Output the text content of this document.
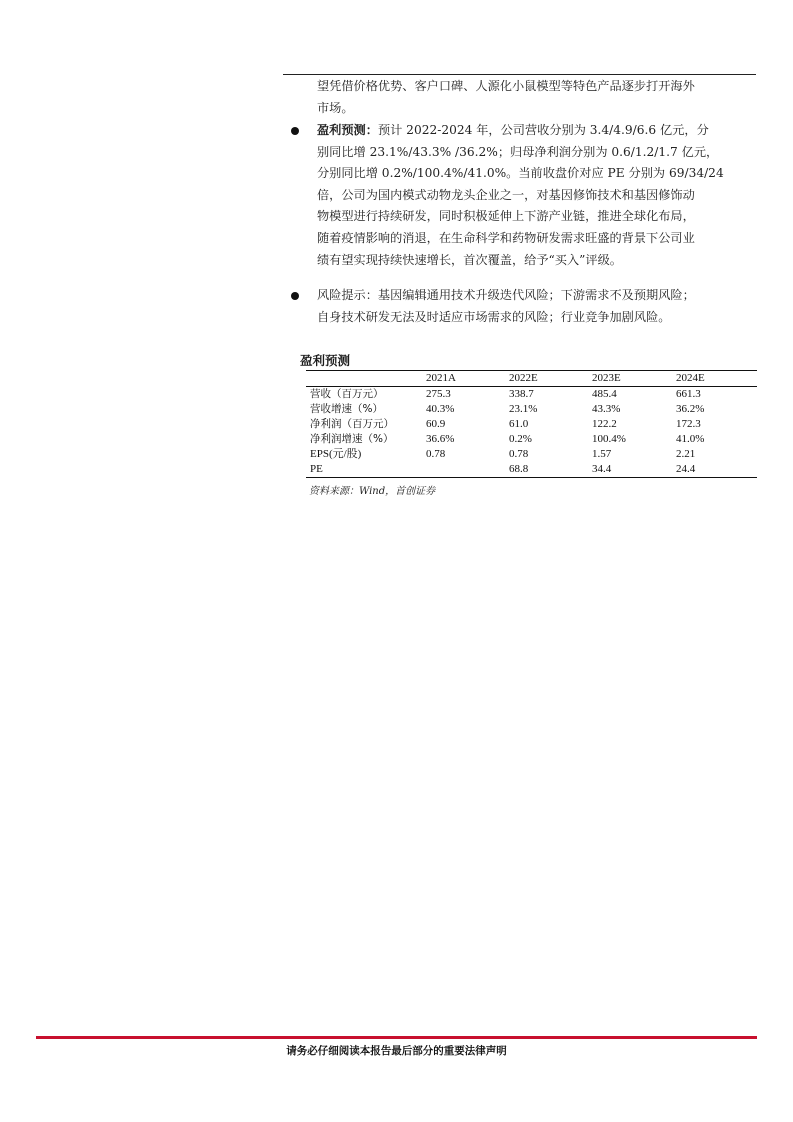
望凭借价格优势、客户口碑、人源化小鼠模型等特色产品逐步打开海外
市场。
盈利预测：预计 2022-2024 年，公司营收分别为 3.4/4.9/6.6 亿元，分
别同比增 23.1%/43.3% /36.2%；归母净利润分别为 0.6/1.2/1.7 亿元，
分别同比增 0.2%/100.4%/41.0%。当前收盘价对应 PE 分别为 69/34/24
倍，公司为国内模式动物龙头企业之一，对基因修饰技术和基因修饰动
物模型进行持续研发，同时积极延伸上下游产业链，推进全球化布局，
随着疫情影响的消退，在生命科学和药物研发需求旺盛的背景下公司业
绩有望实现持续快速增长，首次覆盖，给予“买入”评级。
风险提示：基因编辑通用技术升级迭代风险；下游需求不及预期风险；
自身技术研发无法及时适应市场需求的风险；行业竞争加剧风险。
盈利预测
	2021A	2022E	2023E	2024E
营收（百万元）	275.3	338.7	485.4	661.3
营收增速（%）	40.3%	23.1%	43.3%	36.2%
净利润（百万元）	60.9	61.0	122.2	172.3
净利润增速（%）	36.6%	0.2%	100.4%	41.0%
EPS(元/股)	0.78	0.78	1.57	2.21
PE		68.8	34.4	24.4
资料来源：Wind，首创证券
请务必仔细阅读本报告最后部分的重要法律声明
